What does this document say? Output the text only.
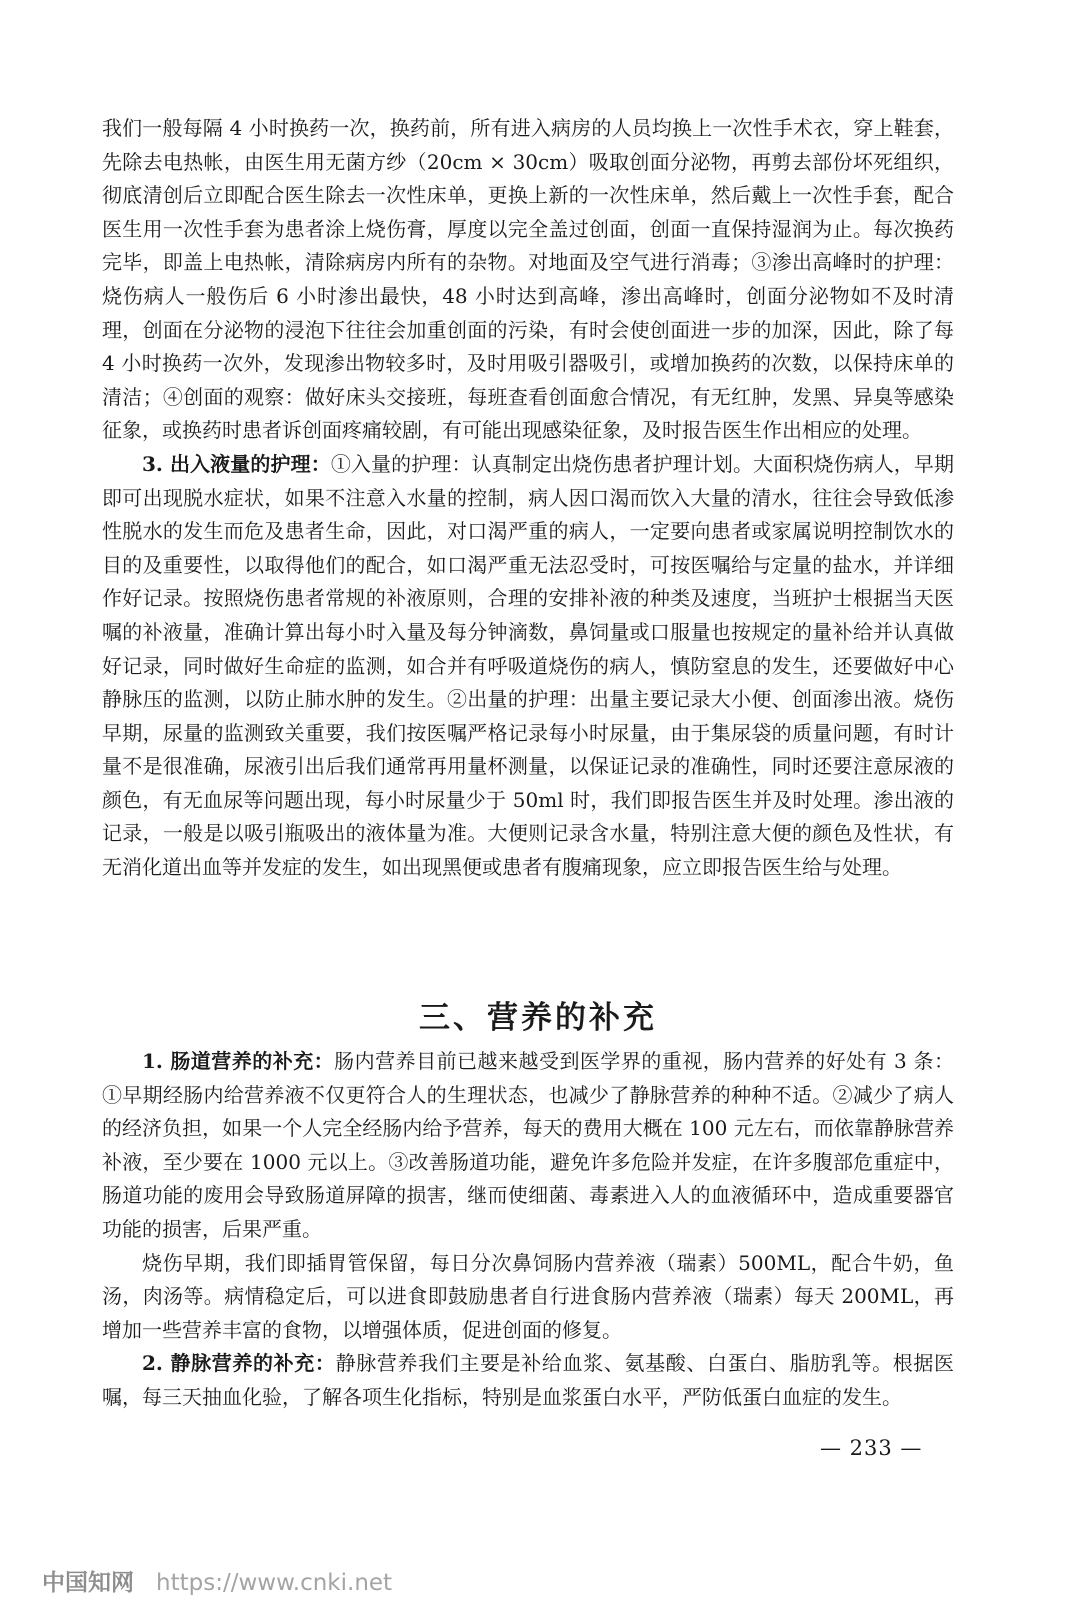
我们一般每隔 4 小时换药一次，换药前，所有进入病房的人员均换上一次性手术衣，穿上鞋套，先除去电热帐，由医生用无菌方纱（20cm × 30cm）吸取创面分泌物，再剪去部份坏死组织，彻底清创后立即配合医生除去一次性床单，更换上新的一次性床单，然后戴上一次性手套，配合医生用一次性手套为患者涂上烧伤膏，厚度以完全盖过创面，创面一直保持湿润为止。每次换药完毕，即盖上电热帐，清除病房内所有的杂物。对地面及空气进行消毒；③渗出高峰时的护理：烧伤病人一般伤后 6 小时渗出最快，48 小时达到高峰，渗出高峰时，创面分泌物如不及时清理，创面在分泌物的浸泡下往往会加重创面的污染，有时会使创面进一步的加深，因此，除了每 4 小时换药一次外，发现渗出物较多时，及时用吸引器吸引，或增加换药的次数，以保持床单的清洁；④创面的观察：做好床头交接班，每班查看创面愈合情况，有无红肿，发黑、异臭等感染征象，或换药时患者诉创面疼痛较剧，有可能出现感染征象，及时报告医生作出相应的处理。

3. 出入液量的护理：①入量的护理：认真制定出烧伤患者护理计划。大面积烧伤病人，早期即可出现脱水症状，如果不注意入水量的控制，病人因口渴而饮入大量的清水，往往会导致低渗性脱水的发生而危及患者生命，因此，对口渴严重的病人，一定要向患者或家属说明控制饮水的目的及重要性，以取得他们的配合，如口渴严重无法忍受时，可按医嘱给与定量的盐水，并详细作好记录。按照烧伤患者常规的补液原则，合理的安排补液的种类及速度，当班护士根据当天医嘱的补液量，准确计算出每小时入量及每分钟滴数，鼻饲量或口服量也按规定的量补给并认真做好记录，同时做好生命症的监测，如合并有呼吸道烧伤的病人，慎防窒息的发生，还要做好中心静脉压的监测，以防止肺水肿的发生。②出量的护理：出量主要记录大小便、创面渗出液。烧伤早期，尿量的监测致关重要，我们按医嘱严格记录每小时尿量，由于集尿袋的质量问题，有时计量不是很准确，尿液引出后我们通常再用量杯测量，以保证记录的准确性，同时还要注意尿液的颜色，有无血尿等问题出现，每小时尿量少于 50ml 时，我们即报告医生并及时处理。渗出液的记录，一般是以吸引瓶吸出的液体量为准。大便则记录含水量，特别注意大便的颜色及性状，有无消化道出血等并发症的发生，如出现黑便或患者有腹痛现象，应立即报告医生给与处理。

三、营养的补充

1. 肠道营养的补充：肠内营养目前已越来越受到医学界的重视，肠内营养的好处有 3 条：①早期经肠内给营养液不仅更符合人的生理状态，也减少了静脉营养的种种不适。②减少了病人的经济负担，如果一个人完全经肠内给予营养，每天的费用大概在 100 元左右，而依靠静脉营养补液，至少要在 1000 元以上。③改善肠道功能，避免许多危险并发症，在许多腹部危重症中，肠道功能的废用会导致肠道屏障的损害，继而使细菌、毒素进入人的血液循环中，造成重要器官功能的损害，后果严重。

烧伤早期，我们即插胃管保留，每日分次鼻饲肠内营养液（瑞素）500ML，配合牛奶，鱼汤，肉汤等。病情稳定后，可以进食即鼓励患者自行进食肠内营养液（瑞素）每天 200ML，再增加一些营养丰富的食物，以增强体质，促进创面的修复。

2. 静脉营养的补充：静脉营养我们主要是补给血浆、氨基酸、白蛋白、脂肪乳等。根据医嘱，每三天抽血化验，了解各项生化指标，特别是血浆蛋白水平，严防低蛋白血症的发生。

— 233 —
中国知网 https://www.cnki.net
